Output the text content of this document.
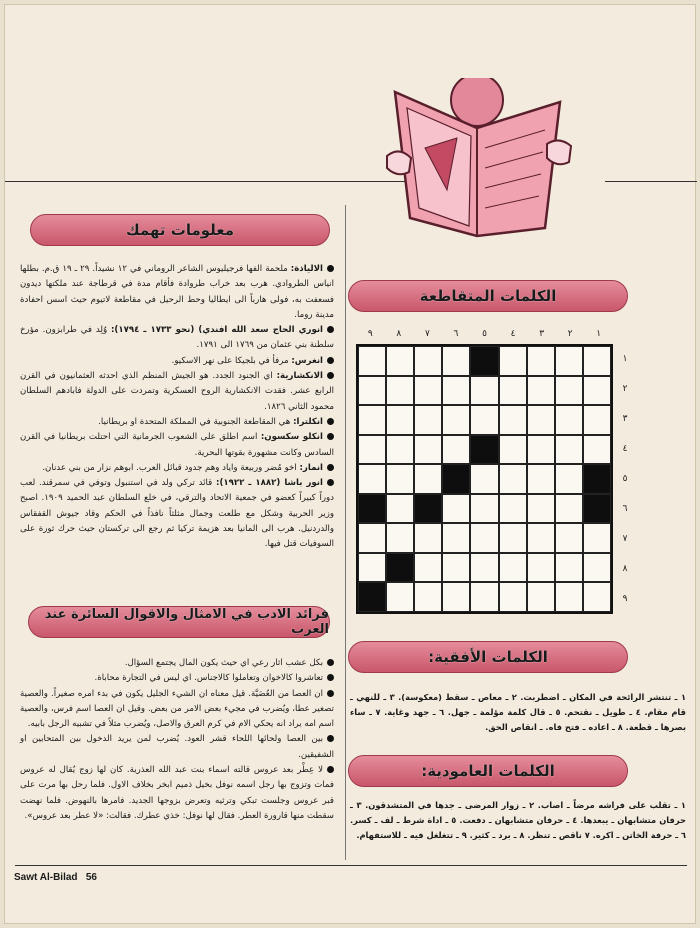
معلومات تهمك

الالياذة: ملحمة الفها فرجيليوس الشاعر الروماني في ١٢ نشيداً. ٢٩ ـ ١٩ ق.م. بطلها انياس الطروادي. هرب بعد خراب طروادة فأقام مدة في قرطاجة عند ملكتها ديدون فسعفت به، فولى هارباً الى ايطاليا وحط الرحيل في مقاطعة لاتيوم حيث اسس احفادة مدينة روما.

انوري الحاج سعد الله افندي) (نحو ١٧٣٣ ـ ١٧٩٤): وُلِد في طرابزون. مؤرخ سلطنة بني عثمان من ١٧٦٩ الى ١٧٩١.

انغرس: مرفأ في بلجيكا على نهر الاسكيو.

الانكشارية: اي الجنود الجدد. هو الجيش المنظم الذي احدثه العثمانيون في القرن الرابع عشر. فقدت الانكشارية الروح العسكرية وتمردت على الدولة فابادهم السلطان محمود الثاني ١٨٢٦.

انكلترا: هي المقاطعة الجنوبية في المملكة المتحدة او بريطانيا.

انكلو سكسون: اسم اطلق على الشعوب الجرمانية التي احتلت بريطانيا في القرن السادس وكانت مشهورة بقوتها البحرية.

انمار: اخو مُضر وربيعة واياد وهم جدود قبائل العرب. ابوهم نزار من بني عدنان.

انور باشا (١٨٨٢ ـ ١٩٢٢): قائد تركي ولد في استنبول وتوفي في سمرقند. لعب دوراً كبيراً كعضو في جمعية الاتحاد والترقي، في خلع السلطان عبد الحميد ١٩٠٩. اصبح وزير الحربية وشكل مع طلعت وجمال مثلثاً نافذاً في الحكم وقاد جيوش القفقاس والدردنيل. هرب الى المانيا بعد هزيمة تركيا ثم رجع الى تركستان حيث حرك ثورة على السوفيات قتل فيها.

فرائد الادب في الامثال والاقوال السائرة عند العرب

بكل عشب اثار رعي اي حيث يكون المال يجتمع السؤال.

تعاشروا كالاخوان وتعاملوا كالاجناس. اي ليس في التجارة محاباة.

ان العصا من العُصَيَّة. قيل معناه ان الشيء الجليل يكون في بدء امره صغيراً. والعصية تصغير عطا، ويُضرب في مجيء بعض الامر من بعض. وقيل ان العصا اسم فرس، والعصية اسم امه يراد انه يحكي الام في كرم العرق والاصل، ويُضرب مثلاً في تشبيه الرجل بابيه.

بين العصا ولحائها اللحاء قشر العود. يُضرب لمن يريد الدخول بين المتحابين او الشفيقين.

لا عِطْر بعد عروس قالته اسماء بنت عبد الله العذرية. كان لها زوج يُقال له عروس فمات وتزوج بها رجل اسمه نوفل بخيل ذميم ابخر بخلاف الاول. فلما رحل بها مرت على قبر عروس وجلست تبكي وترثيه وتعرض بزوجها الجديد. فامرها بالنهوض. فلما نهضت سقطت منها قارورة العطر. فقال لها نوفل: خذي عطرك. فقالت: «لا عطر بعد عروس».

الكلمات المتقاطعة
١
٢
٣
٤
٥
٦
٧
٨
٩
١
٢
٣
٤
٥
٦
٧
٨
٩
الكلمات الأفقية:
١ ـ تنتشر الرائحة في المكان ـ اضطربت. ٢ ـ معاص ـ سقط (معكوسة). ٣ ـ للنهي ـ قام مقام. ٤ ـ طويل ـ نقتحم. ٥ ـ قال كلمة مؤلمة ـ جهل. ٦ ـ جهد وغاية. ٧ ـ ساء بصرها ـ قطعة. ٨ ـ اعاده ـ فتح فاه. ـ انقاص الحق.
الكلمات العامودية:
١ ـ تقلب على فراشه مرضاً ـ اصاب. ٢ ـ زوار المرضى ـ جدها في المتشدقون. ٣ ـ حرفان متشابهان ـ يبعدها. ٤ ـ حرفان متشابهان ـ دفعت. ٥ ـ اداة شرط ـ لف ـ كسر. ٦ ـ حرفة الخاتن ـ اكره. ٧ ناقص ـ تنظر. ٨ ـ برد ـ كثير. ٩ ـ تتغلغل فيه ـ للاستفهام.
Sawt Al-Bilad 56
